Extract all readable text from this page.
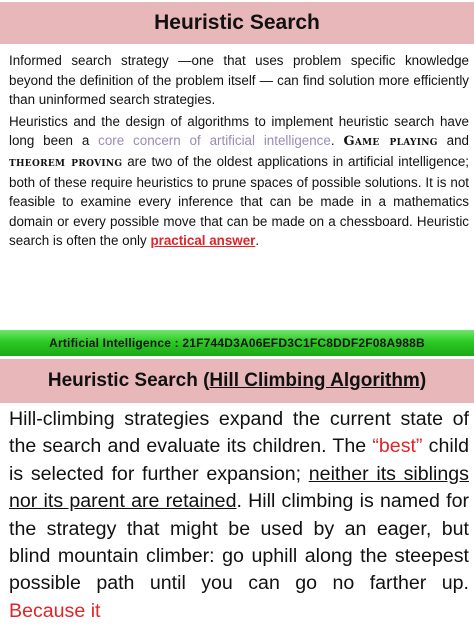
Heuristic Search

Informed search strategy —one that uses problem specific knowledge beyond the definition of the problem itself — can find solution more efficiently than uninformed search strategies.

Heuristics and the design of algorithms to implement heuristic search have long been a core concern of artificial intelligence. Game playing and theorem proving are two of the oldest applications in artificial intelligence; both of these require heuristics to prune spaces of possible solutions. It is not feasible to examine every inference that can be made in a mathematics domain or every possible move that can be made on a chessboard. Heuristic search is often the only practical answer.

Artificial Intelligence : 21F744D3A06EFD3C1FC8DDF2F08A988B
Heuristic Search (Hill Climbing Algorithm)
Hill-climbing strategies expand the current state of the search and evaluate its children. The “best” child is selected for further expansion; neither its siblings nor its parent are retained. Hill climbing is named for the strategy that might be used by an eager, but blind mountain climber: go uphill along the steepest possible path until you can go no farther up. Because it
